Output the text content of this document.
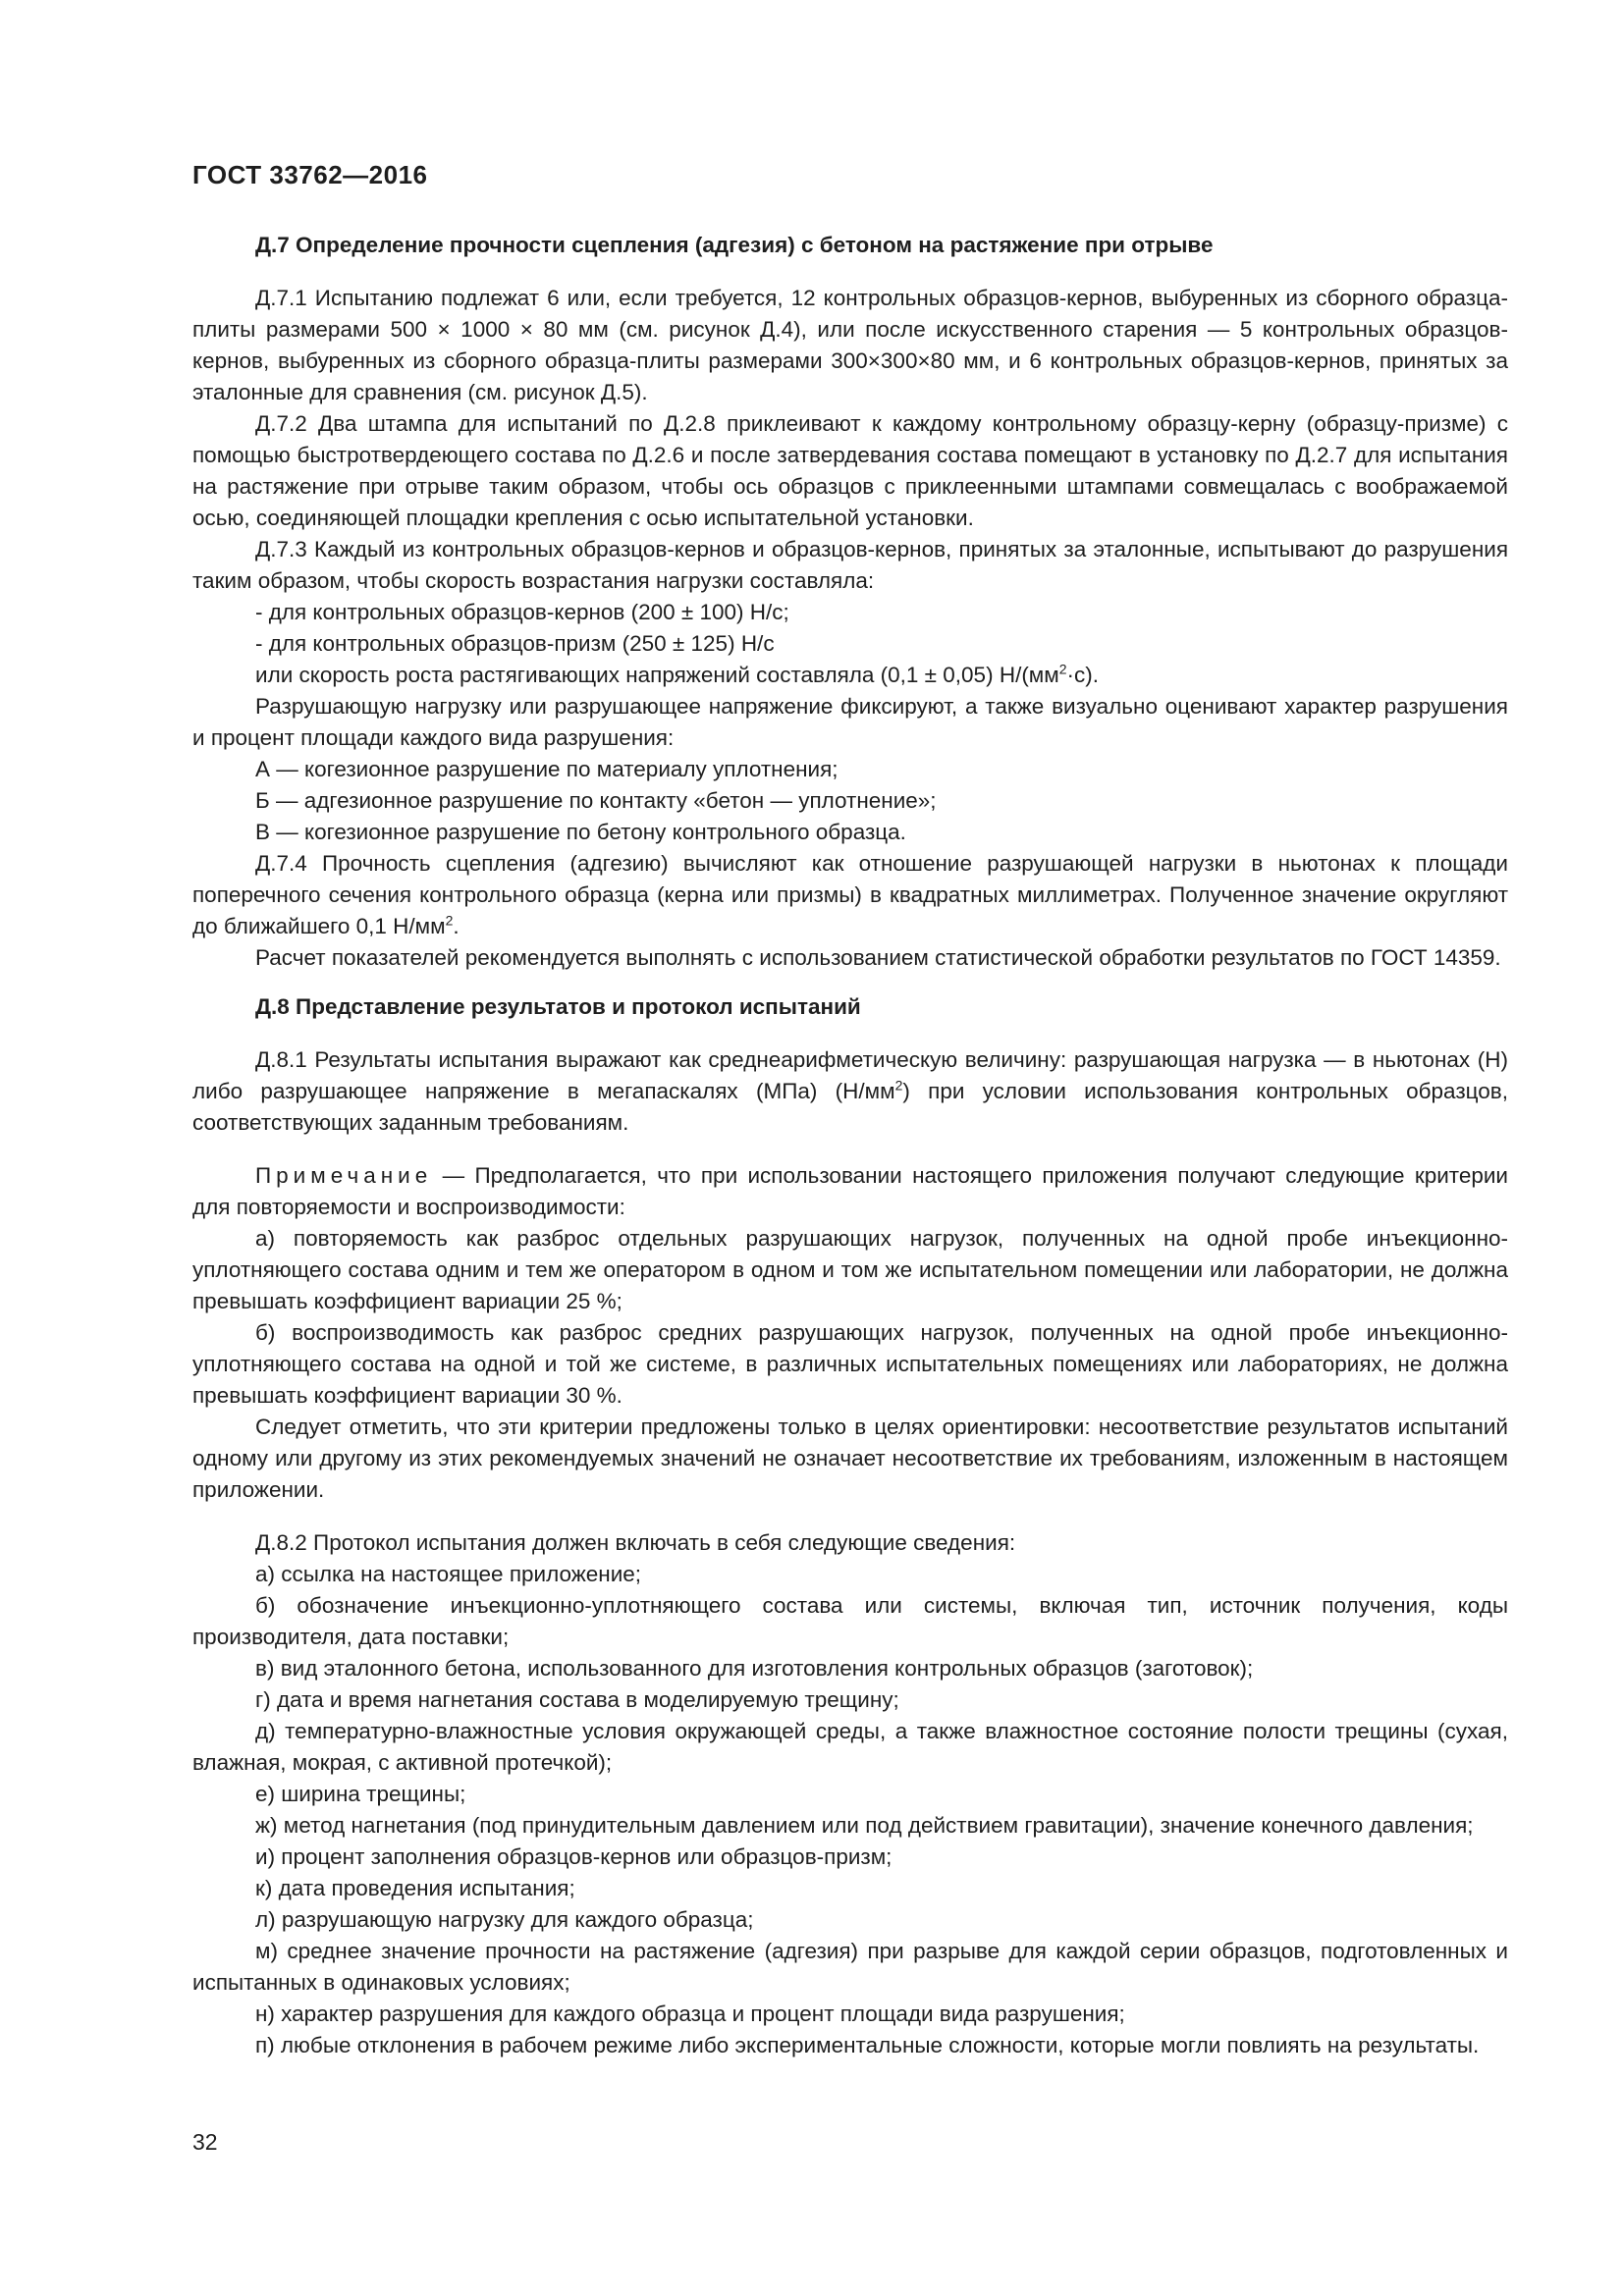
ГОСТ 33762—2016

Д.7 Определение прочности сцепления (адгезия) с бетоном на растяжение при отрыве

Д.7.1 Испытанию подлежат 6 или, если требуется, 12 контрольных образцов-кернов, выбуренных из сборного образца-плиты размерами 500 × 1000 × 80 мм (см. рисунок Д.4), или после искусственного старения — 5 контрольных образцов-кернов, выбуренных из сборного образца-плиты размерами 300×300×80 мм, и 6 контрольных образцов-кернов, принятых за эталонные для сравнения (см. рисунок Д.5).

Д.7.2 Два штампа для испытаний по Д.2.8 приклеивают к каждому контрольному образцу-керну (образцу-призме) с помощью быстротвердеющего состава по Д.2.6 и после затвердевания состава помещают в установку по Д.2.7 для испытания на растяжение при отрыве таким образом, чтобы ось образцов с приклеенными штампами совмещалась с воображаемой осью, соединяющей площадки крепления с осью испытательной установки.

Д.7.3 Каждый из контрольных образцов-кернов и образцов-кернов, принятых за эталонные, испытывают до разрушения таким образом, чтобы скорость возрастания нагрузки составляла:

- для контрольных образцов-кернов (200 ± 100) Н/с;

- для контрольных образцов-призм (250 ± 125) Н/с

или скорость роста растягивающих напряжений составляла (0,1 ± 0,05) $Н/(мм^2\cdot с)$.

Разрушающую нагрузку или разрушающее напряжение фиксируют, а также визуально оценивают характер разрушения и процент площади каждого вида разрушения:

А — когезионное разрушение по материалу уплотнения;

Б — адгезионное разрушение по контакту «бетон — уплотнение»;

В — когезионное разрушение по бетону контрольного образца.

Д.7.4 Прочность сцепления (адгезию) вычисляют как отношение разрушающей нагрузки в ньютонах к площади поперечного сечения контрольного образца (керна или призмы) в квадратных миллиметрах. Полученное значение округляют до ближайшего 0,1 $Н/мм^2$.

Расчет показателей рекомендуется выполнять с использованием статистической обработки результатов по ГОСТ 14359.

Д.8 Представление результатов и протокол испытаний

Д.8.1 Результаты испытания выражают как среднеарифметическую величину: разрушающая нагрузка — в ньютонах (Н) либо разрушающее напряжение в мегапаскалях (МПа) $(Н/мм^2)$ при условии использования контрольных образцов, соответствующих заданным требованиям.

Примечание — Предполагается, что при использовании настоящего приложения получают следующие критерии для повторяемости и воспроизводимости:

а) повторяемость как разброс отдельных разрушающих нагрузок, полученных на одной пробе инъекционно-уплотняющего состава одним и тем же оператором в одном и том же испытательном помещении или лаборатории, не должна превышать коэффициент вариации 25 %;

б) воспроизводимость как разброс средних разрушающих нагрузок, полученных на одной пробе инъекционно-уплотняющего состава на одной и той же системе, в различных испытательных помещениях или лабораториях, не должна превышать коэффициент вариации 30 %.

Следует отметить, что эти критерии предложены только в целях ориентировки: несоответствие результатов испытаний одному или другому из этих рекомендуемых значений не означает несоответствие их требованиям, изложенным в настоящем приложении.

Д.8.2 Протокол испытания должен включать в себя следующие сведения:

а) ссылка на настоящее приложение;

б) обозначение инъекционно-уплотняющего состава или системы, включая тип, источник получения, коды производителя, дата поставки;

в) вид эталонного бетона, использованного для изготовления контрольных образцов (заготовок);

г) дата и время нагнетания состава в моделируемую трещину;

д) температурно-влажностные условия окружающей среды, а также влажностное состояние полости трещины (сухая, влажная, мокрая, с активной протечкой);

е) ширина трещины;

ж) метод нагнетания (под принудительным давлением или под действием гравитации), значение конечного давления;

и) процент заполнения образцов-кернов или образцов-призм;

к) дата проведения испытания;

л) разрушающую нагрузку для каждого образца;

м) среднее значение прочности на растяжение (адгезия) при разрыве для каждой серии образцов, подготовленных и испытанных в одинаковых условиях;

н) характер разрушения для каждого образца и процент площади вида разрушения;

п) любые отклонения в рабочем режиме либо экспериментальные сложности, которые могли повлиять на результаты.

32
